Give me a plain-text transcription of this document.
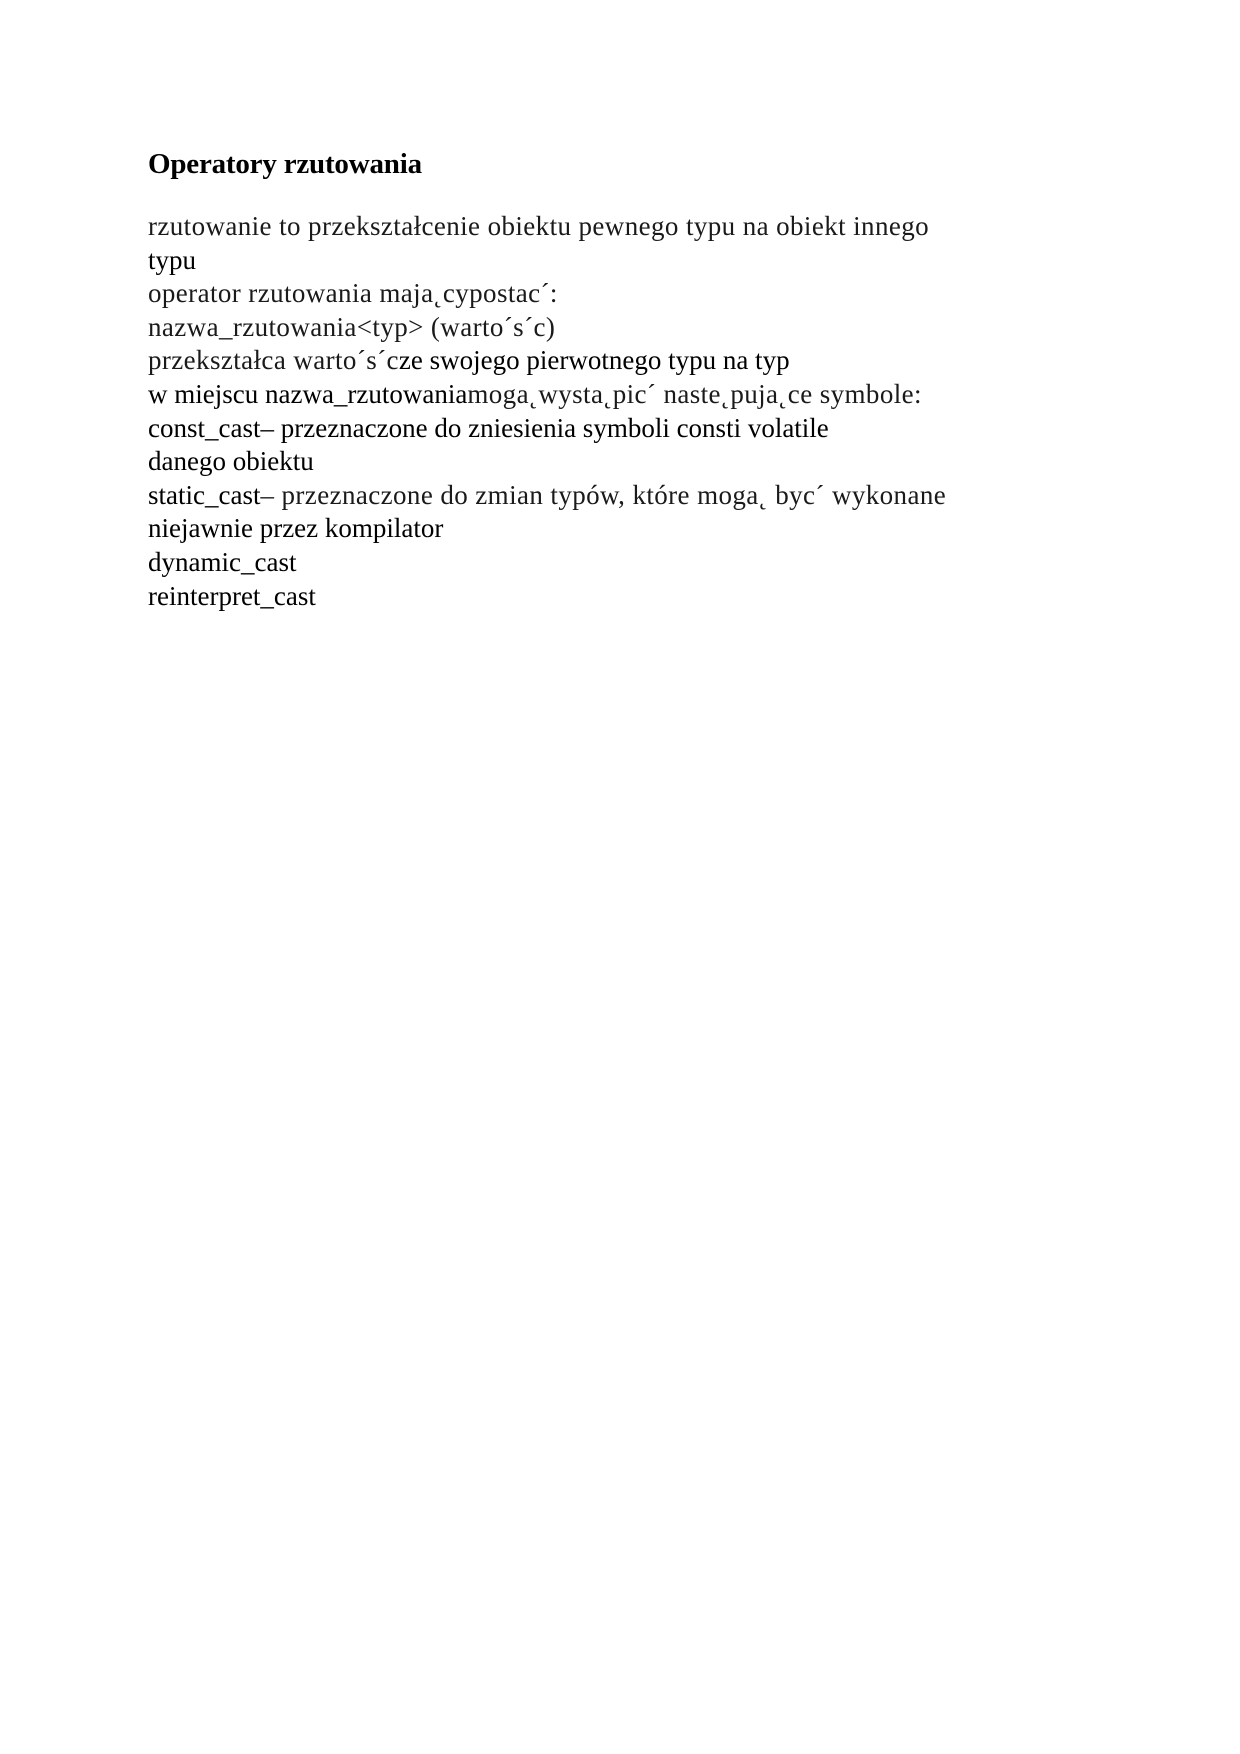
Operatory rzutowania
rzutowanie to przekształcenie obiektu pewnego typu na obiekt innego
typu
operator rzutowania maja˛cypostac´:
nazwa_rzutowania<typ> (warto´s´c)
przekształca warto´s´cze swojego pierwotnego typu na typ
w miejscu nazwa_rzutowaniamoga˛wysta˛pic´ naste˛puja˛ce symbole:
const_cast– przeznaczone do zniesienia symboli consti volatile
danego obiektu
static_cast– przeznaczone do zmian typów, które moga˛ byc´ wykonane
niejawnie przez kompilator
dynamic_cast
reinterpret_cast
